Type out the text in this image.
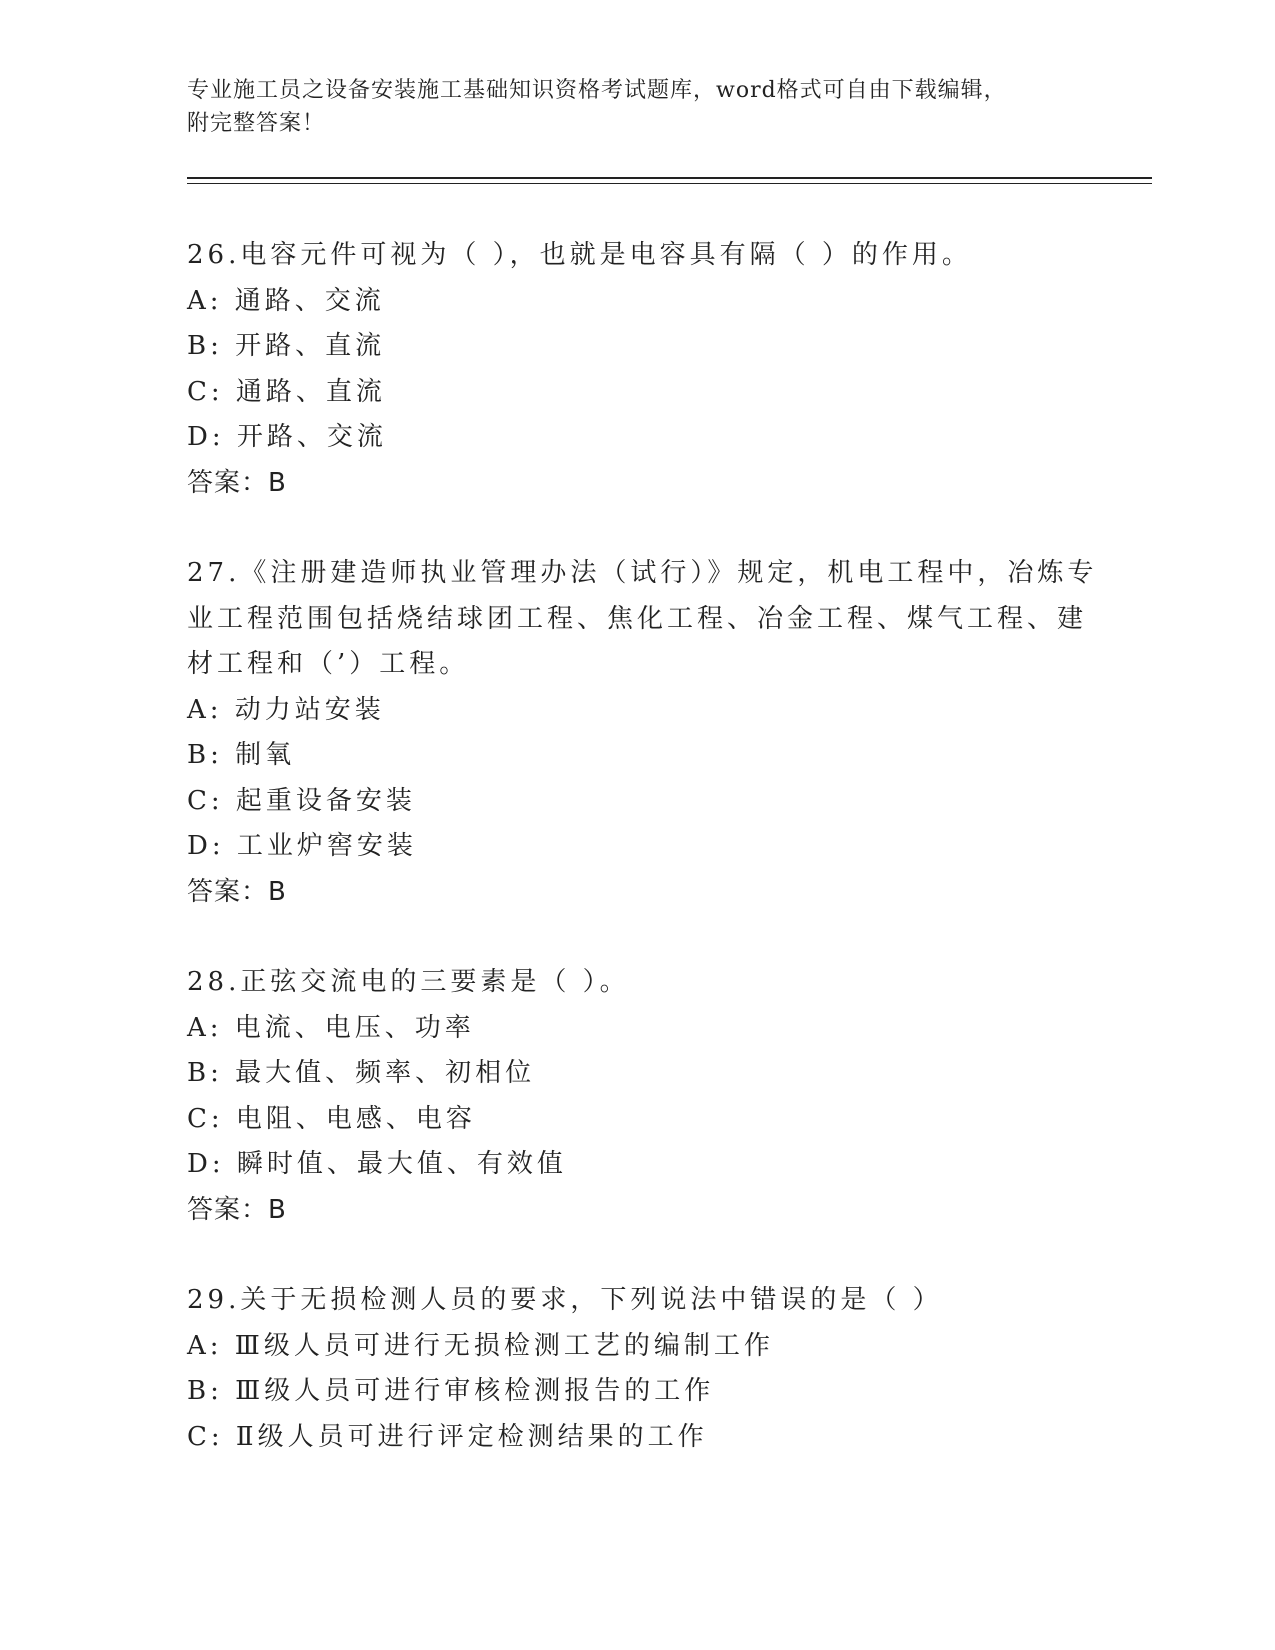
专业施工员之设备安装施工基础知识资格考试题库，word格式可自由下载编辑，
附完整答案！
26.电容元件可视为（ ），也就是电容具有隔（ ）的作用。
A: 通路、交流
B: 开路、直流
C: 通路、直流
D: 开路、交流
答案：B
27.《注册建造师执业管理办法（试行）》规定，机电工程中，冶炼专
业工程范围包括烧结球团工程、焦化工程、冶金工程、煤气工程、建
材工程和（’）工程。
A: 动力站安装
B: 制氧
C: 起重设备安装
D: 工业炉窖安装
答案：B
28.正弦交流电的三要素是（ ）。
A: 电流、电压、功率
B: 最大值、频率、初相位
C: 电阻、电感、电容
D: 瞬时值、最大值、有效值
答案：B
29.关于无损检测人员的要求，下列说法中错误的是（ ）
A: Ⅲ级人员可进行无损检测工艺的编制工作
B: Ⅲ级人员可进行审核检测报告的工作
C: Ⅱ级人员可进行评定检测结果的工作
